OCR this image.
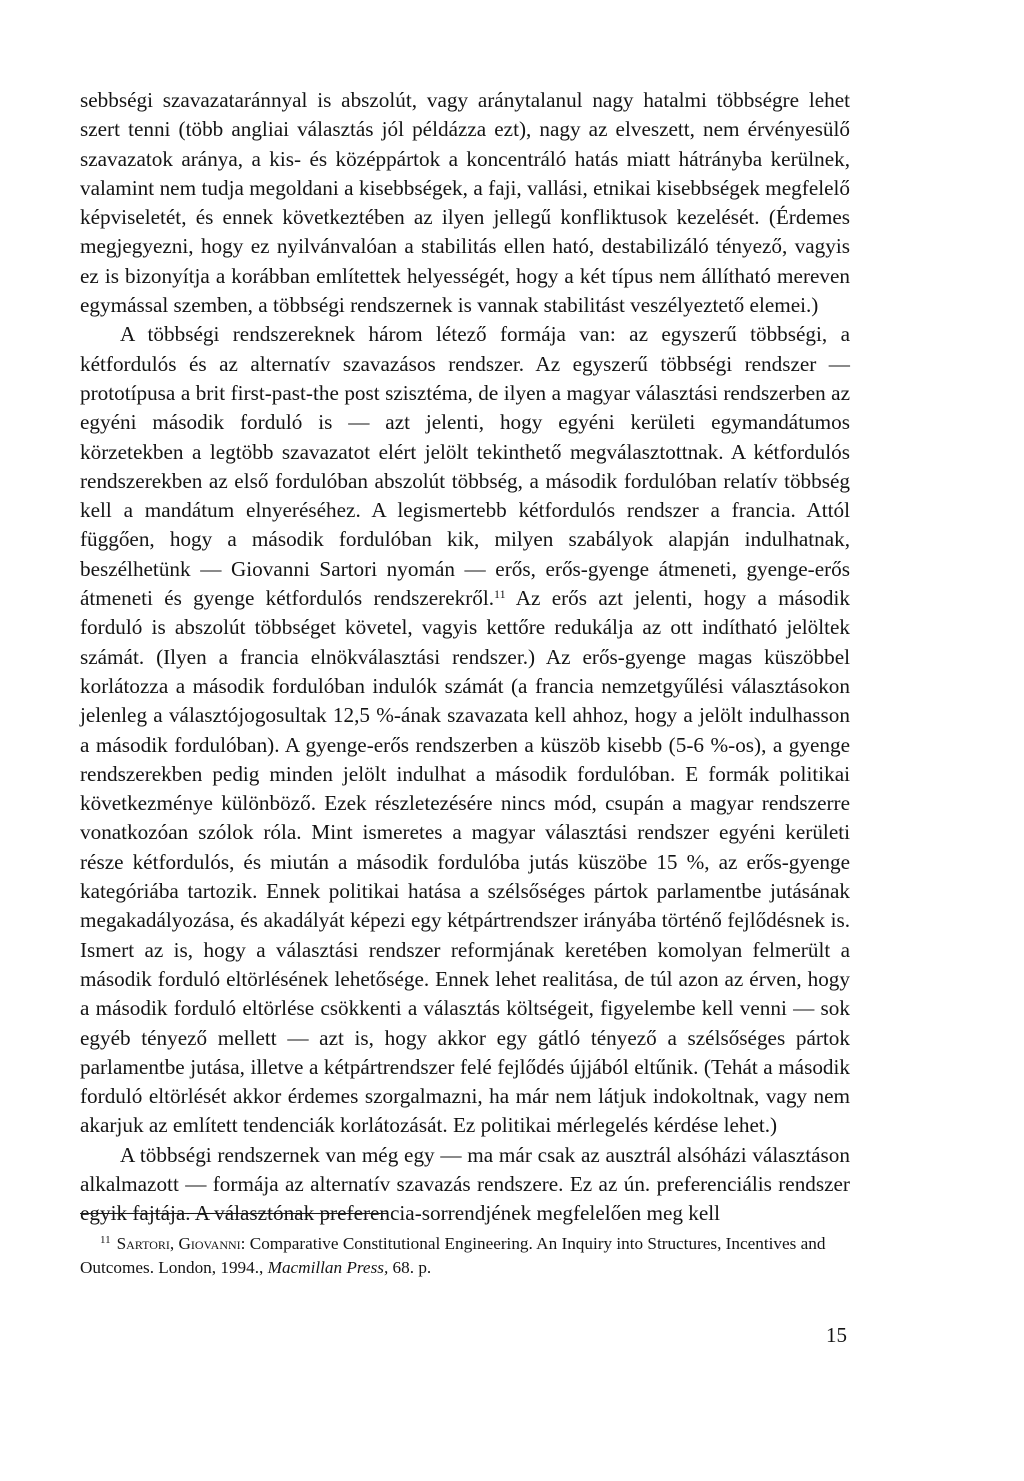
sebbségi szavazataránnyal is abszolút, vagy aránytalanul nagy hatalmi többségre lehet szert tenni (több angliai választás jól példázza ezt), nagy az elveszett, nem érvényesülő szavazatok aránya, a kis- és középpártok a koncentráló hatás miatt hátrányba kerülnek, valamint nem tudja megoldani a kisebbségek, a faji, vallási, etnikai kisebbségek megfelelő képviseletét, és ennek következtében az ilyen jellegű konfliktusok kezelését. (Érdemes megjegyezni, hogy ez nyilvánvalóan a stabilitás ellen ható, destabilizáló tényező, vagyis ez is bizonyítja a korábban említettek helyességét, hogy a két típus nem állítható mereven egymással szemben, a többségi rendszernek is vannak stabilitást veszélyeztető elemei.)

A többségi rendszereknek három létező formája van: az egyszerű többségi, a kétfordulós és az alternatív szavazásos rendszer. Az egyszerű többségi rendszer — prototípusa a brit first-past-the post szisztéma, de ilyen a magyar választási rendszerben az egyéni második forduló is — azt jelenti, hogy egyéni kerületi egymandátumos körzetekben a legtöbb szavazatot elért jelölt tekinthető megválasztottnak. A kétfordulós rendszerekben az első fordulóban abszolút többség, a második fordulóban relatív többség kell a mandátum elnyeréséhez. A legismertebb kétfordulós rendszer a francia. Attól függően, hogy a második fordulóban kik, milyen szabályok alapján indulhatnak, beszélhetünk — Giovanni Sartori nyomán — erős, erős-gyenge átmeneti, gyenge-erős átmeneti és gyenge kétfordulós rendszerekről.$^{11}$ Az erős azt jelenti, hogy a második forduló is abszolút többséget követel, vagyis kettőre redukálja az ott indítható jelöltek számát. (Ilyen a francia elnökválasztási rendszer.) Az erős-gyenge magas küszöbbel korlátozza a második fordulóban indulók számát (a francia nemzetgyűlési választásokon jelenleg a választójogosultak 12,5 %-ának szavazata kell ahhoz, hogy a jelölt indulhasson a második fordulóban). A gyenge-erős rendszerben a küszöb kisebb (5-6 %-os), a gyenge rendszerekben pedig minden jelölt indulhat a második fordulóban. E formák politikai következménye különböző. Ezek részletezésére nincs mód, csupán a magyar rendszerre vonatkozóan szólok róla. Mint ismeretes a magyar választási rendszer egyéni kerületi része kétfordulós, és miután a második fordulóba jutás küszöbe 15 %, az erős-gyenge kategóriába tartozik. Ennek politikai hatása a szélsőséges pártok parlamentbe jutásának megakadályozása, és akadályát képezi egy kétpártrendszer irányába történő fejlődésnek is. Ismert az is, hogy a választási rendszer reformjának keretében komolyan felmerült a második forduló eltörlésének lehetősége. Ennek lehet realitása, de túl azon az érven, hogy a második forduló eltörlése csökkenti a választás költségeit, figyelembe kell venni — sok egyéb tényező mellett — azt is, hogy akkor egy gátló tényező a szélsőséges pártok parlamentbe jutása, illetve a kétpártrendszer felé fejlődés újjából eltűnik. (Tehát a második forduló eltörlését akkor érdemes szorgalmazni, ha már nem látjuk indokoltnak, vagy nem akarjuk az említett tendenciák korlátozását. Ez politikai mérlegelés kérdése lehet.)

A többségi rendszernek van még egy — ma már csak az ausztrál alsóházi választáson alkalmazott — formája az alternatív szavazás rendszere. Ez az ún. preferenciális rendszer egyik fajtája. A választónak preferencia-sorrendjének megfelelően meg kell

$^{11}$ Sartori, Giovanni: Comparative Constitutional Engineering. An Inquiry into Structures, Incentives and Outcomes. London, 1994., Macmillan Press, 68. p.
15
